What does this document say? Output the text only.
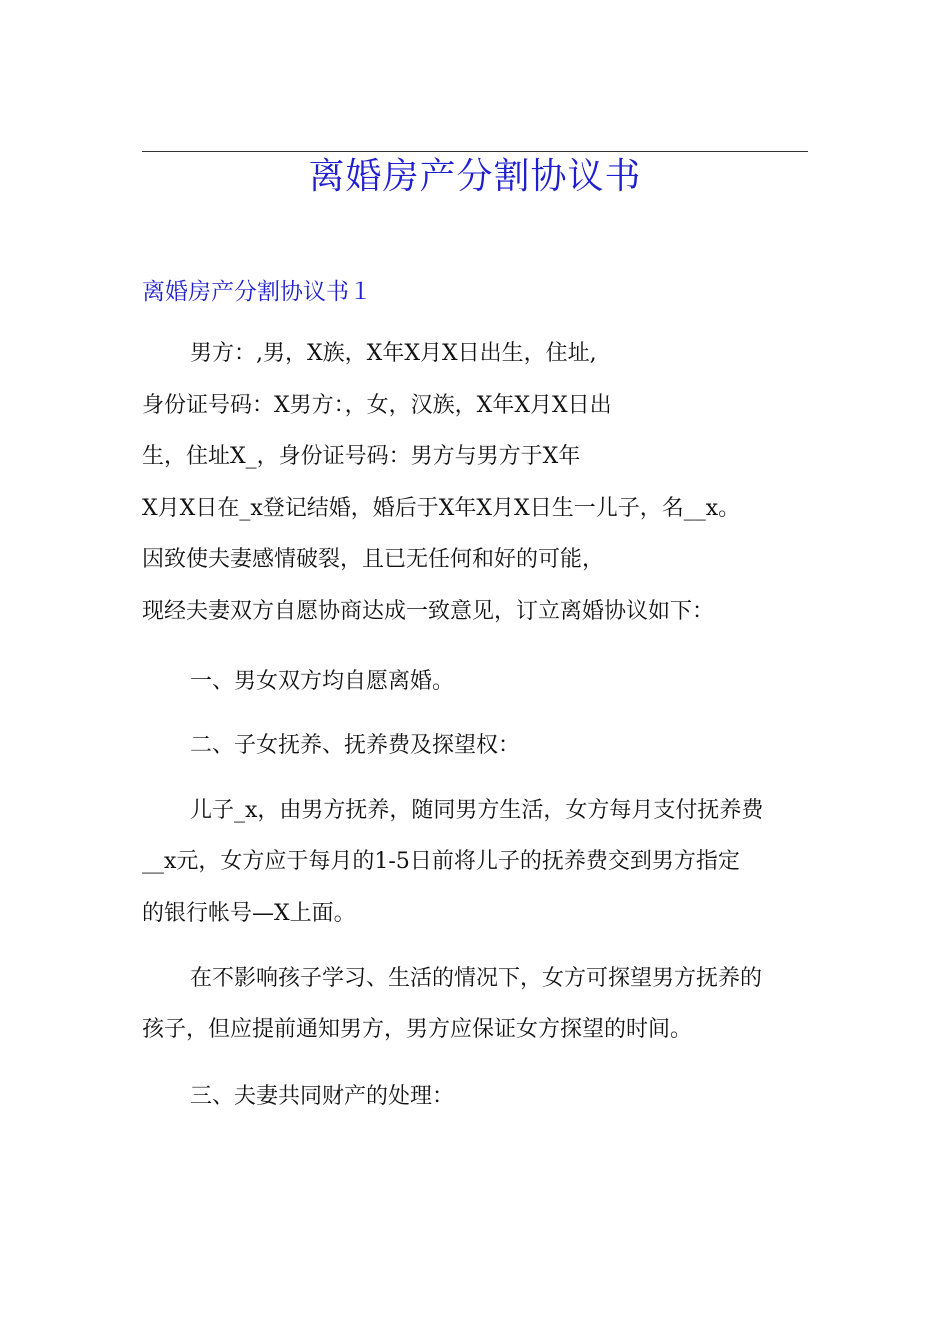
离婚房产分割协议书
离婚房产分割协议书１
男方：,男，X族，X年X月X日出生，住址,
身份证号码：X男方：，女，汉族，X年X月X日出
生，住址X_，身份证号码：男方与男方于X年
X月X日在_x登记结婚，婚后于X年X月X日生一儿子，名__x。
因致使夫妻感情破裂，且已无任何和好的可能，
现经夫妻双方自愿协商达成一致意见，订立离婚协议如下：
一、男女双方均自愿离婚。
二、子女抚养、抚养费及探望权：
儿子_x，由男方抚养，随同男方生活，女方每月支付抚养费
__x元，女方应于每月的1-5日前将儿子的抚养费交到男方指定
的银行帐号—X上面。
在不影响孩子学习、生活的情况下，女方可探望男方抚养的
孩子，但应提前通知男方，男方应保证女方探望的时间。
三、夫妻共同财产的处理：
